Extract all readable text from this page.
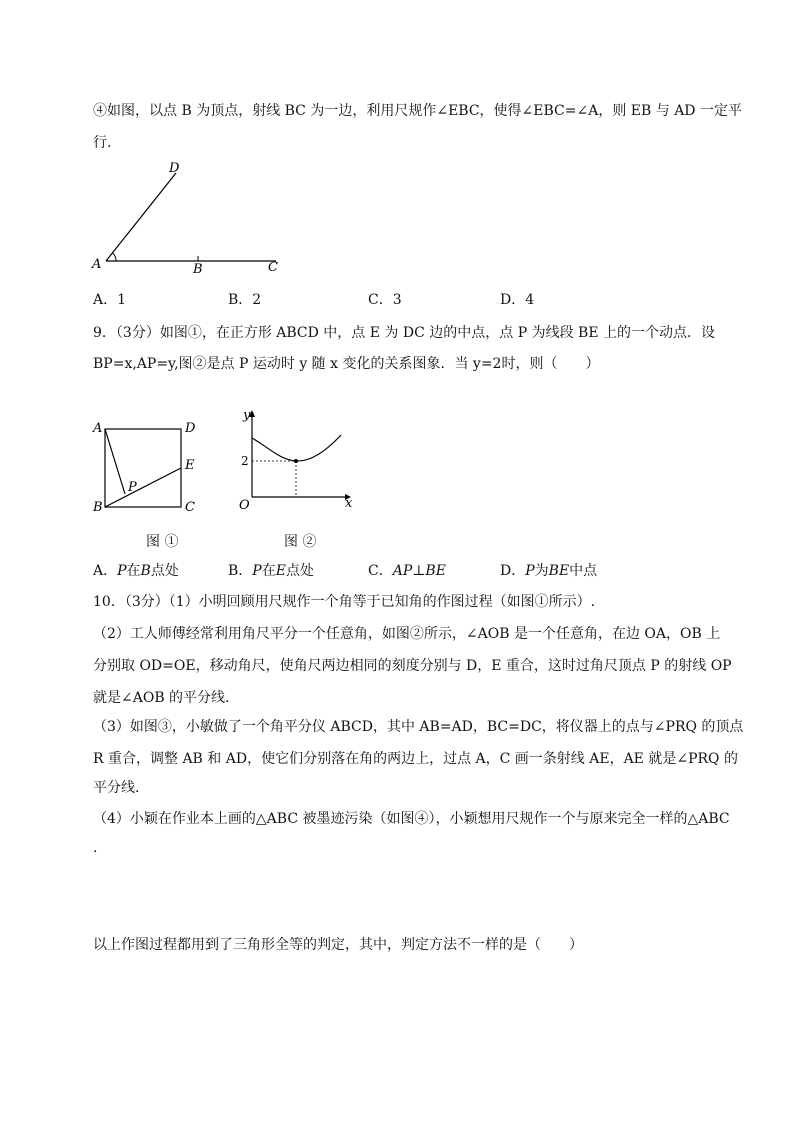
④如图，以点 B 为顶点，射线 BC 为一边，利用尺规作∠EBC，使得∠EBC=∠A，则 EB 与 AD 一定平
行.
D
A	B	C
A．1	B．2	C．3	D．4
9．（3分）如图①，在正方形 ABCD 中，点 E 为 DC 边的中点，点 P 为线段 BE 上的一个动点．设
BP=x,AP=y,图②是点 P 运动时 y 随 x 变化的关系图象．当 y=2时，则（　　）
A	D
E
P
B	C
图 ①
y
2
O	x
图 ②
A．P在B点处	B．P在E点处	C．AP⊥BE	D．P为BE中点
10．（3分）（1）小明回顾用尺规作一个角等于已知角的作图过程（如图①所示）.
（2）工人师傅经常利用角尺平分一个任意角，如图②所示，∠AOB 是一个任意角，在边 OA，OB 上
分别取 OD=OE，移动角尺，使角尺两边相同的刻度分别与 D，E 重合，这时过角尺顶点 P 的射线 OP
就是∠AOB 的平分线.
（3）如图③，小敏做了一个角平分仪 ABCD，其中 AB=AD，BC=DC，将仪器上的点与∠PRQ 的顶点
R 重合，调整 AB 和 AD，使它们分别落在角的两边上，过点 A，C 画一条射线 AE，AE 就是∠PRQ 的
平分线.
（4）小颖在作业本上画的△ABC 被墨迹污染（如图④），小颖想用尺规作一个与原来完全一样的△ABC
.
以上作图过程都用到了三角形全等的判定，其中，判定方法不一样的是（　　）
